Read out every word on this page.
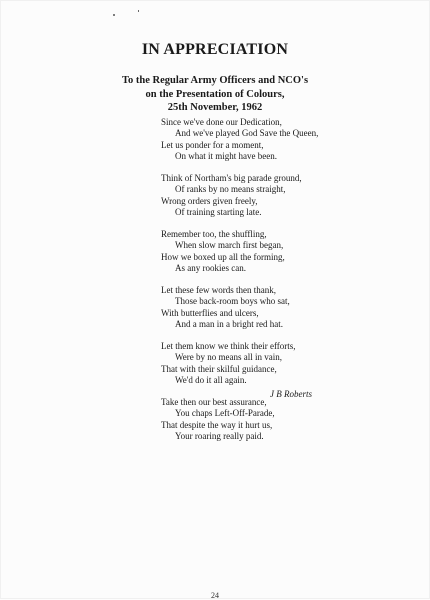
IN APPRECIATION
To the Regular Army Officers and NCO's
on the Presentation of Colours,
25th November, 1962
Since we've done our Dedication,
And we've played God Save the Queen,
Let us ponder for a moment,
On what it might have been.
Think of Northam's big parade ground,
Of ranks by no means straight,
Wrong orders given freely,
Of training starting late.
Remember too, the shuffling,
When slow march first began,
How we boxed up all the forming,
As any rookies can.
Let these few words then thank,
Those back-room boys who sat,
With butterflies and ulcers,
And a man in a bright red hat.
Let them know we think their efforts,
Were by no means all in vain,
That with their skilful guidance,
We'd do it all again.
Take then our best assurance,
You chaps Left-Off-Parade,
That despite the way it hurt us,
Your roaring really paid.
J B Roberts
24
